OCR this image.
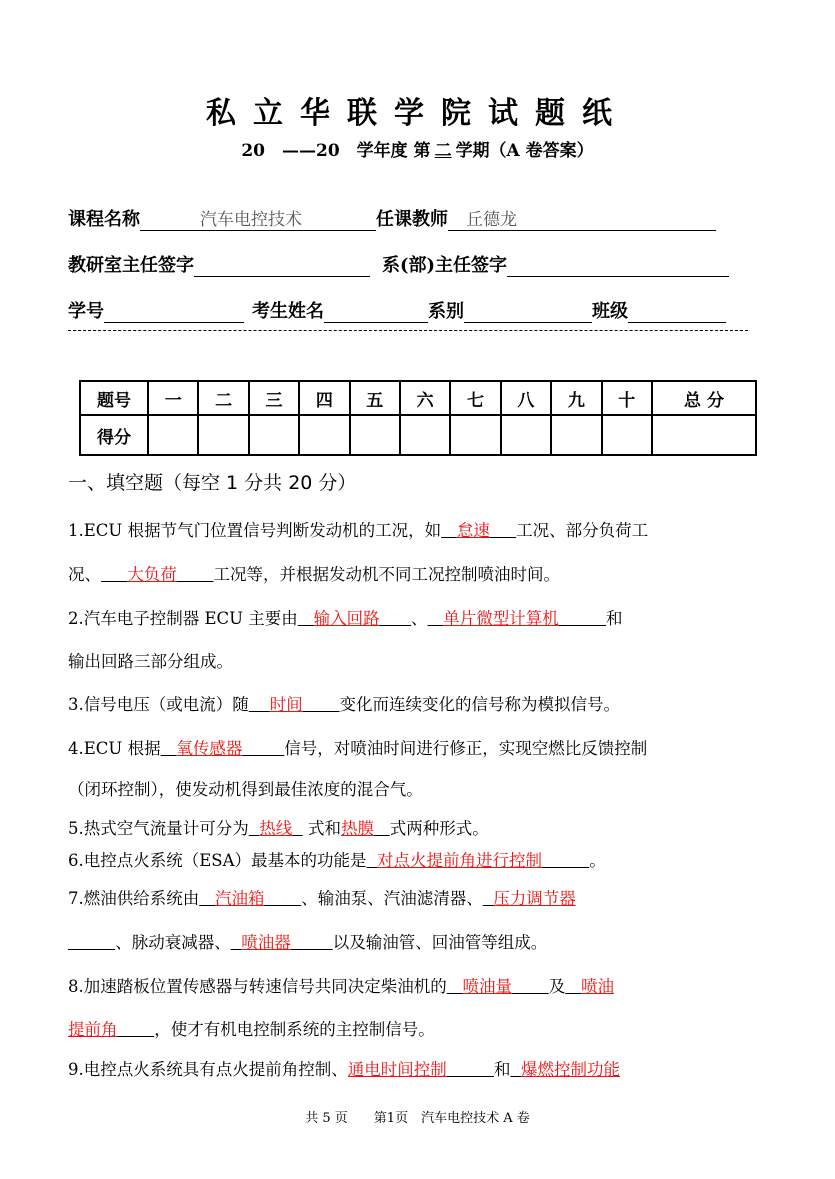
私立华联学院试题纸
20　——20　学年度 第 二 学期（A 卷答案）
课程名称	汽车电控技术	任课教师 丘德龙
教研室主任签字	系(部)主任签字
学号	考生姓名	系别	班级
题号	一	二	三	四	五	六	七	八	九	十	总 分
得分											
一、填空题（每空 1 分共 20 分）
1.ECU 根据节气门位置信号判断发动机的工况，如 怠速 工况、部分负荷工
况、 大负荷 工况等，并根据发动机不同工况控制喷油时间。
2.汽车电子控制器 ECU 主要由 输入回路 、 单片微型计算机	和
输出回路三部分组成。
3.信号电压（或电流）随 时间 变化而连续变化的信号称为模拟信号。
4.ECU 根据 氧传感器	信号，对喷油时间进行修正，实现空燃比反馈控制
（闭环控制），使发动机得到最佳浓度的混合气。
5.热式空气流量计可分为 热线 式和热膜 式两种形式。
6.电控点火系统（ESA）最基本的功能是 对点火提前角进行控制	。
7.燃油供给系统由 汽油箱 、输油泵、汽油滤清器、 压力调节器
、脉动衰减器、 喷油器	以及输油管、回油管等组成。
8.加速踏板位置传感器与转速信号共同决定柴油机的 喷油量 及 喷油
提前角 ，使才有机电控制系统的主控制信号。
9.电控点火系统具有点火提前角控制、通电时间控制	和 爆燃控制功能
共 5 页　　第1页　汽车电控技术 A 卷
